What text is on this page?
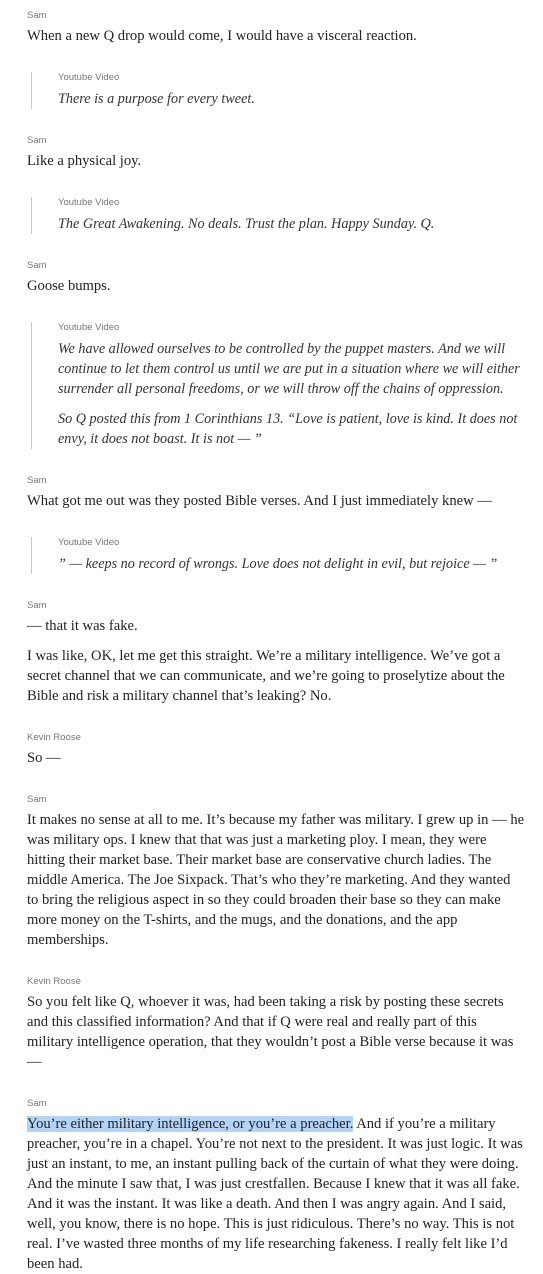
Sam

When a new Q drop would come, I would have a visceral reaction.

Youtube Video

There is a purpose for every tweet.

Sam

Like a physical joy.

Youtube Video

The Great Awakening. No deals. Trust the plan. Happy Sunday. Q.

Sam

Goose bumps.

Youtube Video

We have allowed ourselves to be controlled by the puppet masters. And we will continue to let them control us until we are put in a situation where we will either surrender all personal freedoms, or we will throw off the chains of oppression.

So Q posted this from 1 Corinthians 13. “Love is patient, love is kind. It does not envy, it does not boast. It is not — ”

Sam

What got me out was they posted Bible verses. And I just immediately knew —

Youtube Video

” — keeps no record of wrongs. Love does not delight in evil, but rejoice — ”

Sam

— that it was fake.

I was like, OK, let me get this straight. We’re a military intelligence. We’ve got a secret channel that we can communicate, and we’re going to proselytize about the Bible and risk a military channel that’s leaking? No.

Kevin Roose

So —

Sam

It makes no sense at all to me. It’s because my father was military. I grew up in — he was military ops. I knew that that was just a marketing ploy. I mean, they were hitting their market base. Their market base are conservative church ladies. The middle America. The Joe Sixpack. That’s who they’re marketing. And they wanted to bring the religious aspect in so they could broaden their base so they can make more money on the T-shirts, and the mugs, and the donations, and the app memberships.

Kevin Roose

So you felt like Q, whoever it was, had been taking a risk by posting these secrets and this classified information? And that if Q were real and really part of this military intelligence operation, that they wouldn’t post a Bible verse because it was —

Sam

You’re either military intelligence, or you’re a preacher. And if you’re a military preacher, you’re in a chapel. You’re not next to the president. It was just logic. It was just an instant, to me, an instant pulling back of the curtain of what they were doing. And the minute I saw that, I was just crestfallen. Because I knew that it was all fake. And it was the instant. It was like a death. And then I was angry again. And I said, well, you know, there is no hope. This is just ridiculous. There’s no way. This is not real. I’ve wasted three months of my life researching fakeness. I really felt like I’d been had.
